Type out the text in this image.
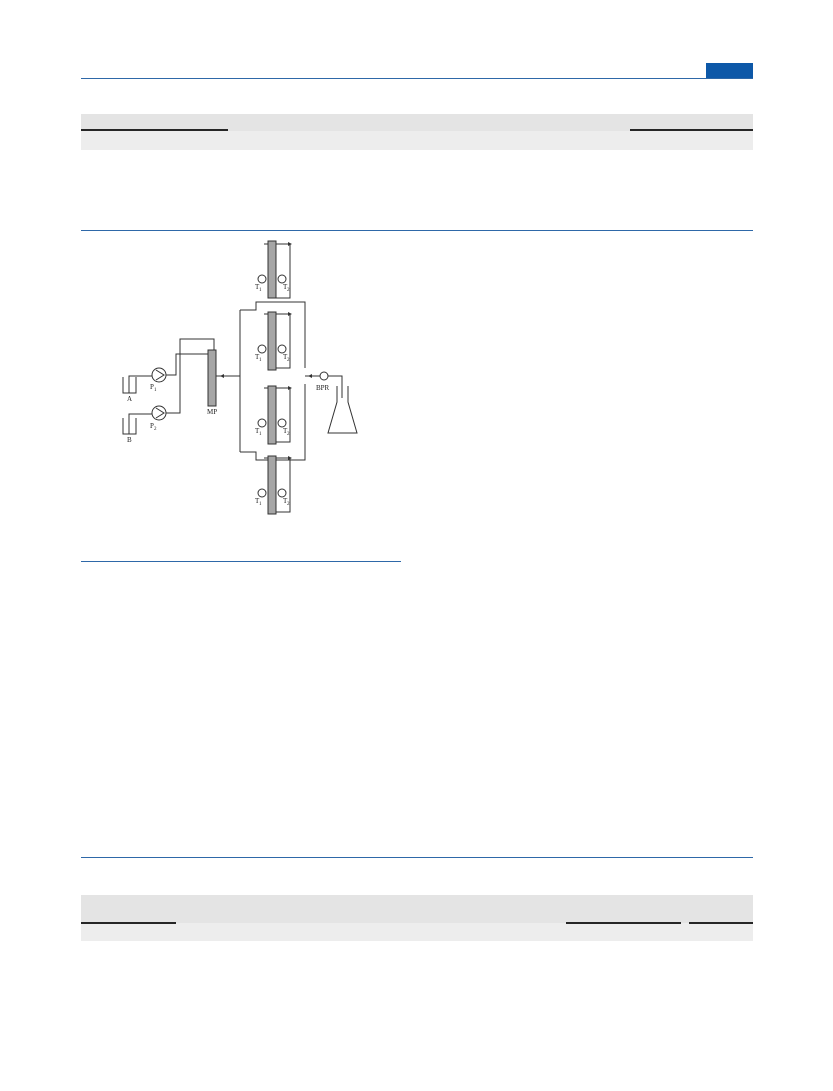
A
B
P 1
P 2
MP
BPR
T 1	T 2
T 1	T 2
T 1	T 2
T 1	T 2
